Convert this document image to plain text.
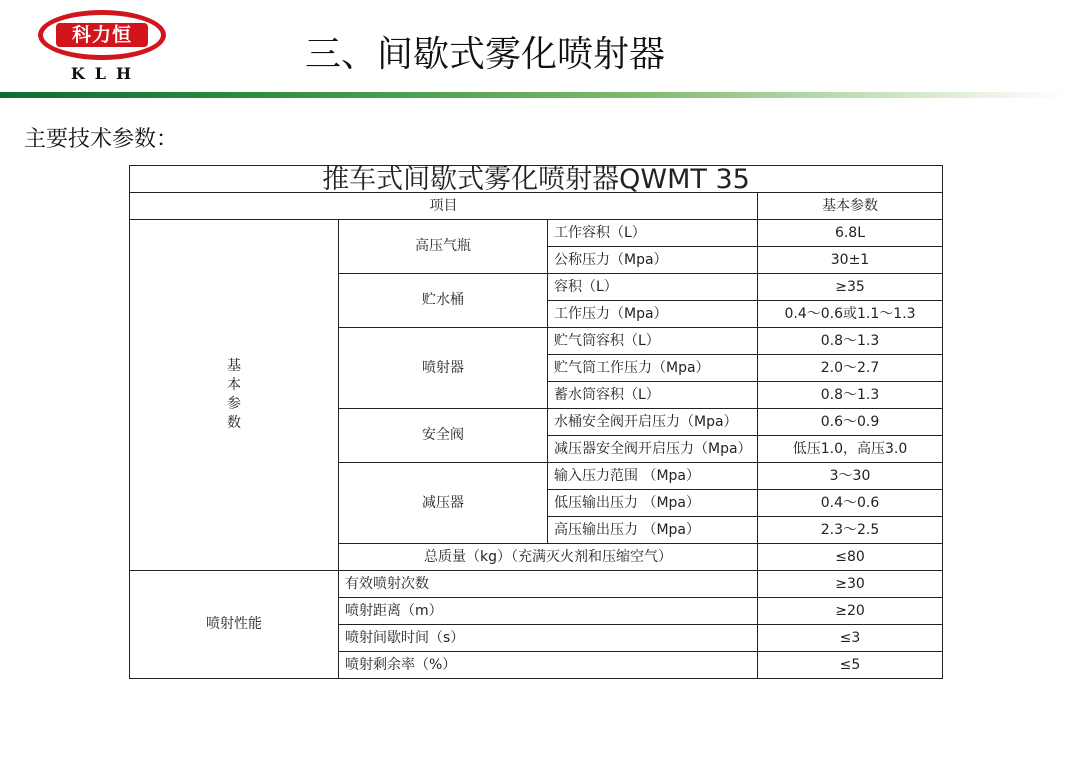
科力恒
KLH	三、间歇式雾化喷射器
主要技术参数：
推车式间歇式雾化喷射器QWMT 35			
项目			基本参数
基本参数	高压气瓶	工作容积（L）	6.8L
		公称压力（Mpa）	30±1
	贮水桶	容积（L）	≥35
		工作压力（Mpa）	0.4～0.6或1.1～1.3
	喷射器	贮气筒容积（L）	0.8～1.3
		贮气筒工作压力（Mpa）	2.0～2.7
		蓄水筒容积（L）	0.8～1.3
	安全阀	水桶安全阀开启压力（Mpa）	0.6～0.9
		减压器安全阀开启压力（Mpa）	低压1.0，高压3.0
	减压器	输入压力范围 （Mpa）	3～30
		低压输出压力 （Mpa）	0.4～0.6
		高压输出压力 （Mpa）	2.3～2.5
	总质量（kg）（充满灭火剂和压缩空气）		≤80
喷射性能	有效喷射次数		≥30
	喷射距离（m）		≥20
	喷射间歇时间（s）		≤3
	喷射剩余率（%）		≤5
